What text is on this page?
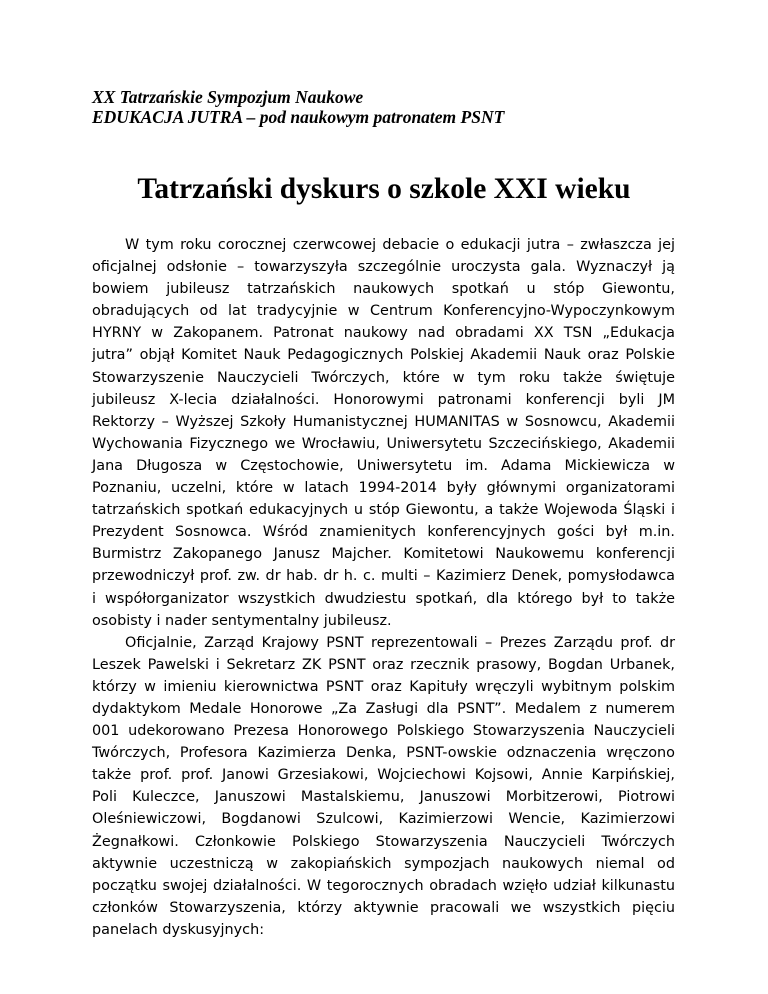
XX Tatrzańskie Sympozjum Naukowe
EDUKACJA JUTRA – pod naukowym patronatem PSNT
Tatrzański dyskurs o szkole XXI wieku
W tym roku corocznej czerwcowej debacie o edukacji jutra – zwłaszcza jej
oficjalnej odsłonie – towarzyszyła szczególnie uroczysta gala. Wyznaczył ją
bowiem jubileusz tatrzańskich naukowych spotkań u stóp Giewontu,
obradujących od lat tradycyjnie w Centrum Konferencyjno-Wypoczynkowym
HYRNY w Zakopanem. Patronat naukowy nad obradami XX TSN „Edukacja
jutra” objął Komitet Nauk Pedagogicznych Polskiej Akademii Nauk oraz Polskie
Stowarzyszenie Nauczycieli Twórczych, które w tym roku także świętuje
jubileusz X-lecia działalności. Honorowymi patronami konferencji byli JM
Rektorzy – Wyższej Szkoły Humanistycznej HUMANITAS w Sosnowcu, Akademii
Wychowania Fizycznego we Wrocławiu, Uniwersytetu Szczecińskiego, Akademii
Jana Długosza w Częstochowie, Uniwersytetu im. Adama Mickiewicza w
Poznaniu, uczelni, które w latach 1994-2014 były głównymi organizatorami
tatrzańskich spotkań edukacyjnych u stóp Giewontu, a także Wojewoda Śląski i
Prezydent Sosnowca. Wśród znamienitych konferencyjnych gości był m.in.
Burmistrz Zakopanego Janusz Majcher. Komitetowi Naukowemu konferencji
przewodniczył prof. zw. dr hab. dr h. c. multi – Kazimierz Denek, pomysłodawca
i współorganizator wszystkich dwudziestu spotkań, dla którego był to także
osobisty i nader sentymentalny jubileusz.
Oficjalnie, Zarząd Krajowy PSNT reprezentowali – Prezes Zarządu prof. dr
Leszek Pawelski i Sekretarz ZK PSNT oraz rzecznik prasowy, Bogdan Urbanek,
którzy w imieniu kierownictwa PSNT oraz Kapituły wręczyli wybitnym polskim
dydaktykom Medale Honorowe „Za Zasługi dla PSNT”. Medalem z numerem
001 udekorowano Prezesa Honorowego Polskiego Stowarzyszenia Nauczycieli
Twórczych, Profesora Kazimierza Denka, PSNT-owskie odznaczenia wręczono
także prof. prof. Janowi Grzesiakowi, Wojciechowi Kojsowi, Annie Karpińskiej,
Poli Kuleczce, Januszowi Mastalskiemu, Januszowi Morbitzerowi, Piotrowi
Oleśniewiczowi, Bogdanowi Szulcowi, Kazimierzowi Wencie, Kazimierzowi
Żegnałkowi. Członkowie Polskiego Stowarzyszenia Nauczycieli Twórczych
aktywnie uczestniczą w zakopiańskich sympozjach naukowych niemal od
początku swojej działalności. W tegorocznych obradach wzięło udział kilkunastu
członków Stowarzyszenia, którzy aktywnie pracowali we wszystkich pięciu
panelach dyskusyjnych:
